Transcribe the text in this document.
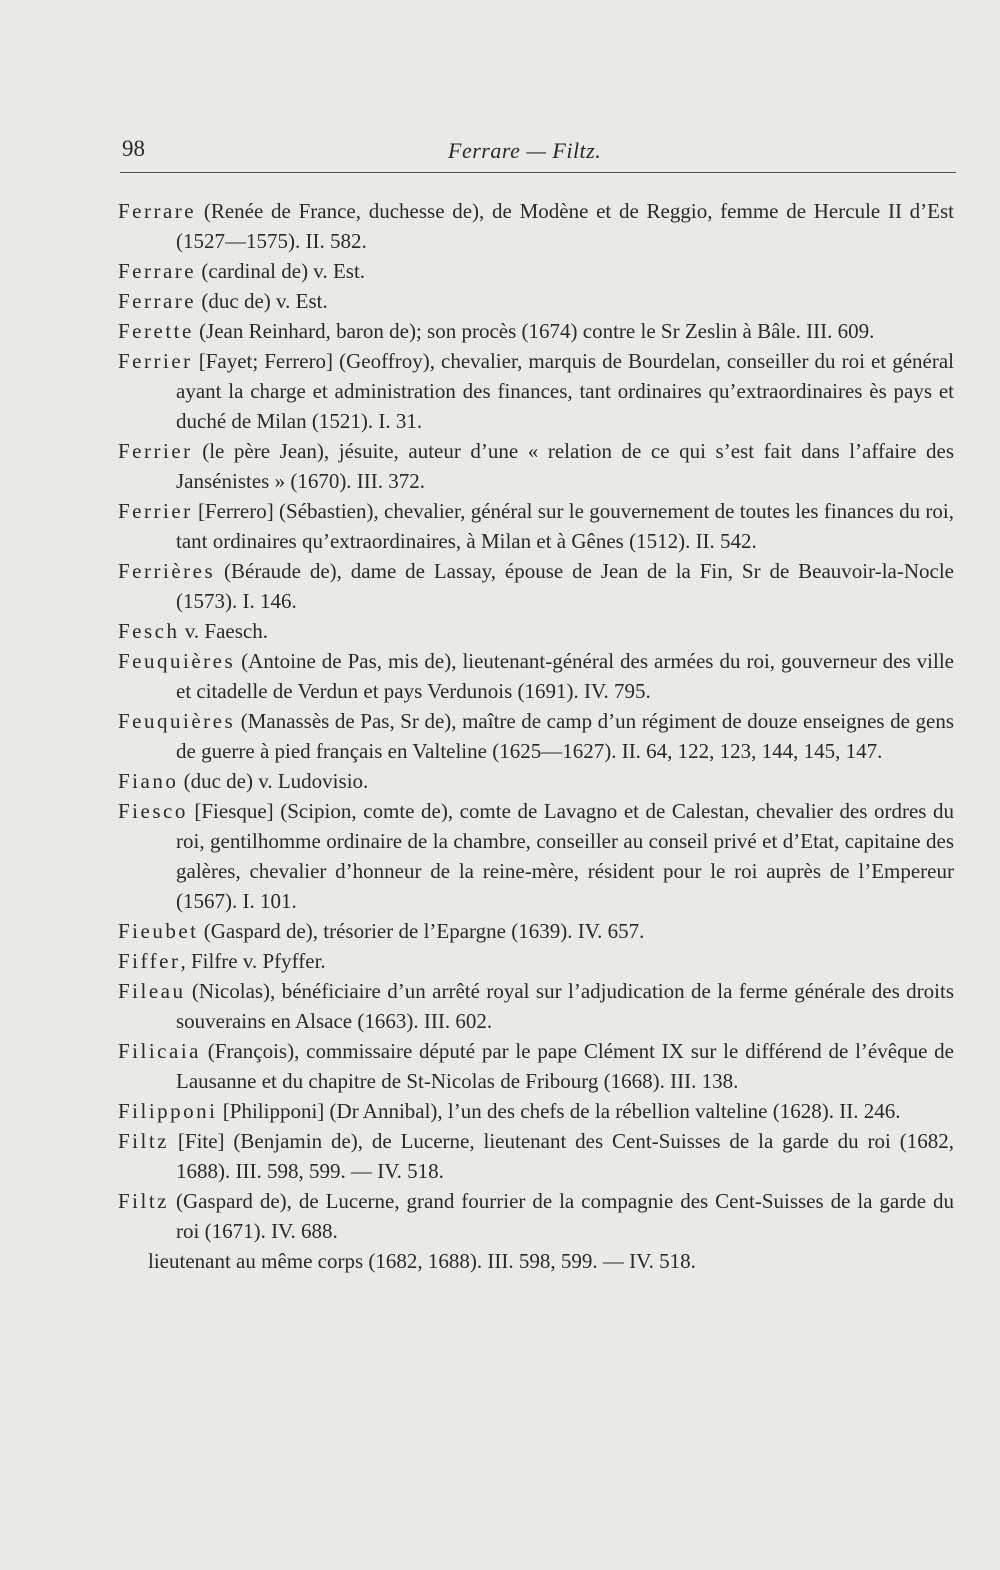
98	Ferrare — Filtz.

Ferrare (Renée de France, duchesse de), de Modène et de Reggio, femme de Hercule II d’Est (1527—1575). II. 582.

Ferrare (cardinal de) v. Est.

Ferrare (duc de) v. Est.

Ferette (Jean Reinhard, baron de); son procès (1674) contre le Sr Zeslin à Bâle. III. 609.

Ferrier [Fayet; Ferrero] (Geoffroy), chevalier, marquis de Bourdelan, conseiller du roi et général ayant la charge et administration des finances, tant ordinaires qu’extraordinaires ès pays et duché de Milan (1521). I. 31.

Ferrier (le père Jean), jésuite, auteur d’une « relation de ce qui s’est fait dans l’affaire des Jansénistes » (1670). III. 372.

Ferrier [Ferrero] (Sébastien), chevalier, général sur le gouvernement de toutes les finances du roi, tant ordinaires qu’extraordinaires, à Milan et à Gênes (1512). II. 542.

Ferrières (Béraude de), dame de Lassay, épouse de Jean de la Fin, Sr de Beauvoir-la-Nocle (1573). I. 146.

Fesch v. Faesch.

Feuquières (Antoine de Pas, mis de), lieutenant-général des armées du roi, gouverneur des ville et citadelle de Verdun et pays Verdunois (1691). IV. 795.

Feuquières (Manassès de Pas, Sr de), maître de camp d’un régiment de douze enseignes de gens de guerre à pied français en Valteline (1625—1627). II. 64, 122, 123, 144, 145, 147.

Fiano (duc de) v. Ludovisio.

Fiesco [Fiesque] (Scipion, comte de), comte de Lavagno et de Calestan, chevalier des ordres du roi, gentilhomme ordinaire de la chambre, conseiller au conseil privé et d’Etat, capitaine des galères, chevalier d’honneur de la reine-mère, résident pour le roi auprès de l’Empereur (1567). I. 101.

Fieubet (Gaspard de), trésorier de l’Epargne (1639). IV. 657.

Fiffer, Filfre v. Pfyffer.

Fileau (Nicolas), bénéficiaire d’un arrêté royal sur l’adjudication de la ferme générale des droits souverains en Alsace (1663). III. 602.

Filicaia (François), commissaire député par le pape Clément IX sur le différend de l’évêque de Lausanne et du chapitre de St-Nicolas de Fribourg (1668). III. 138.

Filipponi [Philipponi] (Dr Annibal), l’un des chefs de la rébellion valteline (1628). II. 246.

Filtz [Fite] (Benjamin de), de Lucerne, lieutenant des Cent-Suisses de la garde du roi (1682, 1688). III. 598, 599. — IV. 518.

Filtz (Gaspard de), de Lucerne, grand fourrier de la compagnie des Cent-Suisses de la garde du roi (1671). IV. 688.

lieutenant au même corps (1682, 1688). III. 598, 599. — IV. 518.
